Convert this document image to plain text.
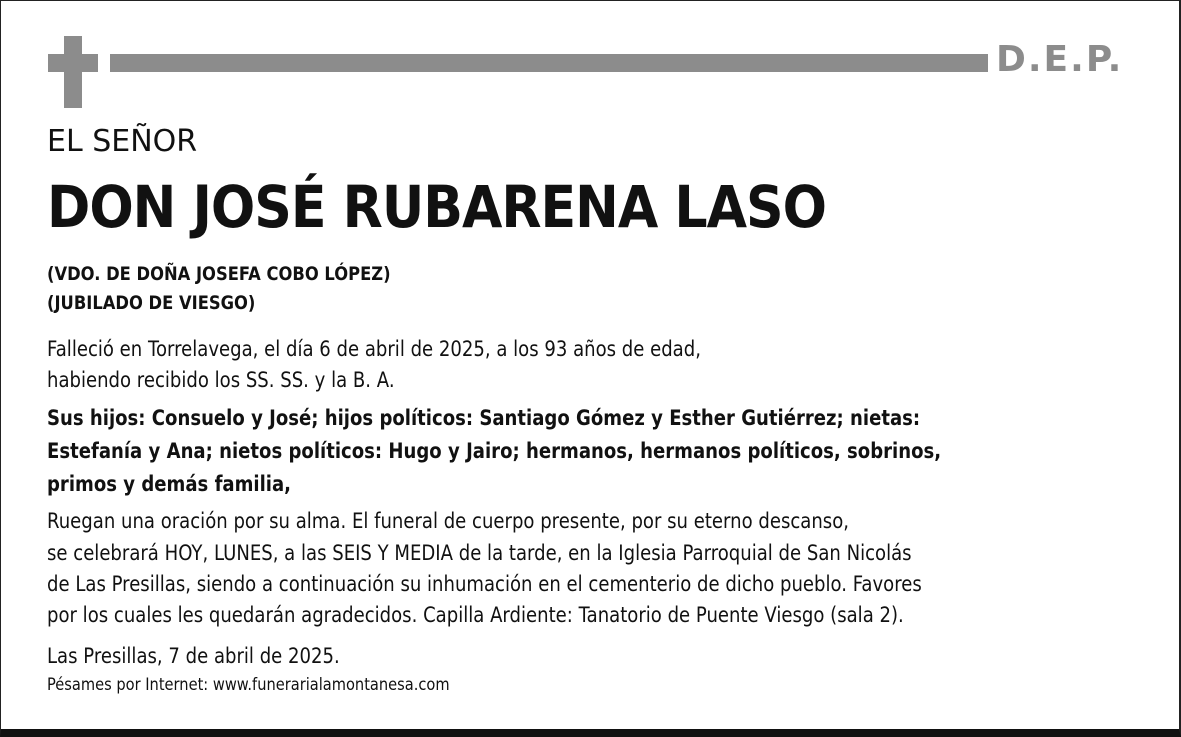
D.E.P.
EL SEÑOR
DON JOSÉ RUBARENA LASO
(VDO. DE DOÑA JOSEFA COBO LÓPEZ)
(JUBILADO DE VIESGO)
Falleció en Torrelavega, el día 6 de abril de 2025, a los 93 años de edad,
habiendo recibido los SS. SS. y la B. A.
Sus hijos: Consuelo y José; hijos políticos: Santiago Gómez y Esther Gutiérrez; nietas:
Estefanía y Ana; nietos políticos: Hugo y Jairo; hermanos, hermanos políticos, sobrinos,
primos y demás familia,
Ruegan una oración por su alma. El funeral de cuerpo presente, por su eterno descanso,
se celebrará HOY, LUNES, a las SEIS Y MEDIA de la tarde, en la Iglesia Parroquial de San Nicolás
de Las Presillas, siendo a continuación su inhumación en el cementerio de dicho pueblo. Favores
por los cuales les quedarán agradecidos. Capilla Ardiente: Tanatorio de Puente Viesgo (sala 2).
Las Presillas, 7 de abril de 2025.
Pésames por Internet: www.funerarialamontanesa.com
